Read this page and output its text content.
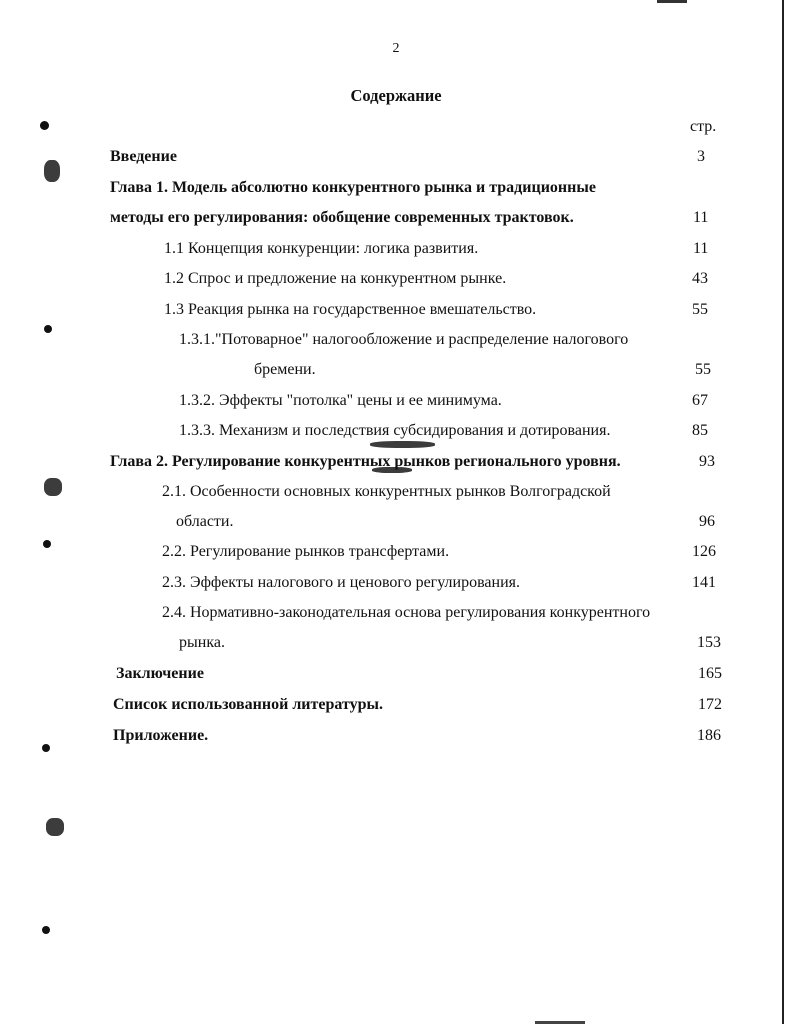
2
Содержание
стр.
Введение	3
Глава 1. Модель абсолютно конкурентного рынка и традиционные
методы его регулирования: обобщение современных трактовок.	11
1.1 Концепция конкуренции: логика развития.	11
1.2 Спрос и предложение на конкурентном рынке.	43
1.3 Реакция рынка на государственное вмешательство.	55
1.3.1."Потоварное" налогообложение и распределение налогового
бремени.	55
1.3.2. Эффекты "потолка" цены и ее минимума.	67
1.3.3. Механизм и последствия субсидирования и дотирования.	85
Глава 2. Регулирование конкурентных рынков регионального уровня.	93
2.1. Особенности основных конкурентных рынков Волгоградской
области.	96
2.2. Регулирование рынков трансфертами.	126
2.3. Эффекты налогового и ценового регулирования.	141
2.4. Нормативно-законодательная основа регулирования конкурентного
рынка.	153
Заключение	165
Список использованной литературы.	172
Приложение.	186
